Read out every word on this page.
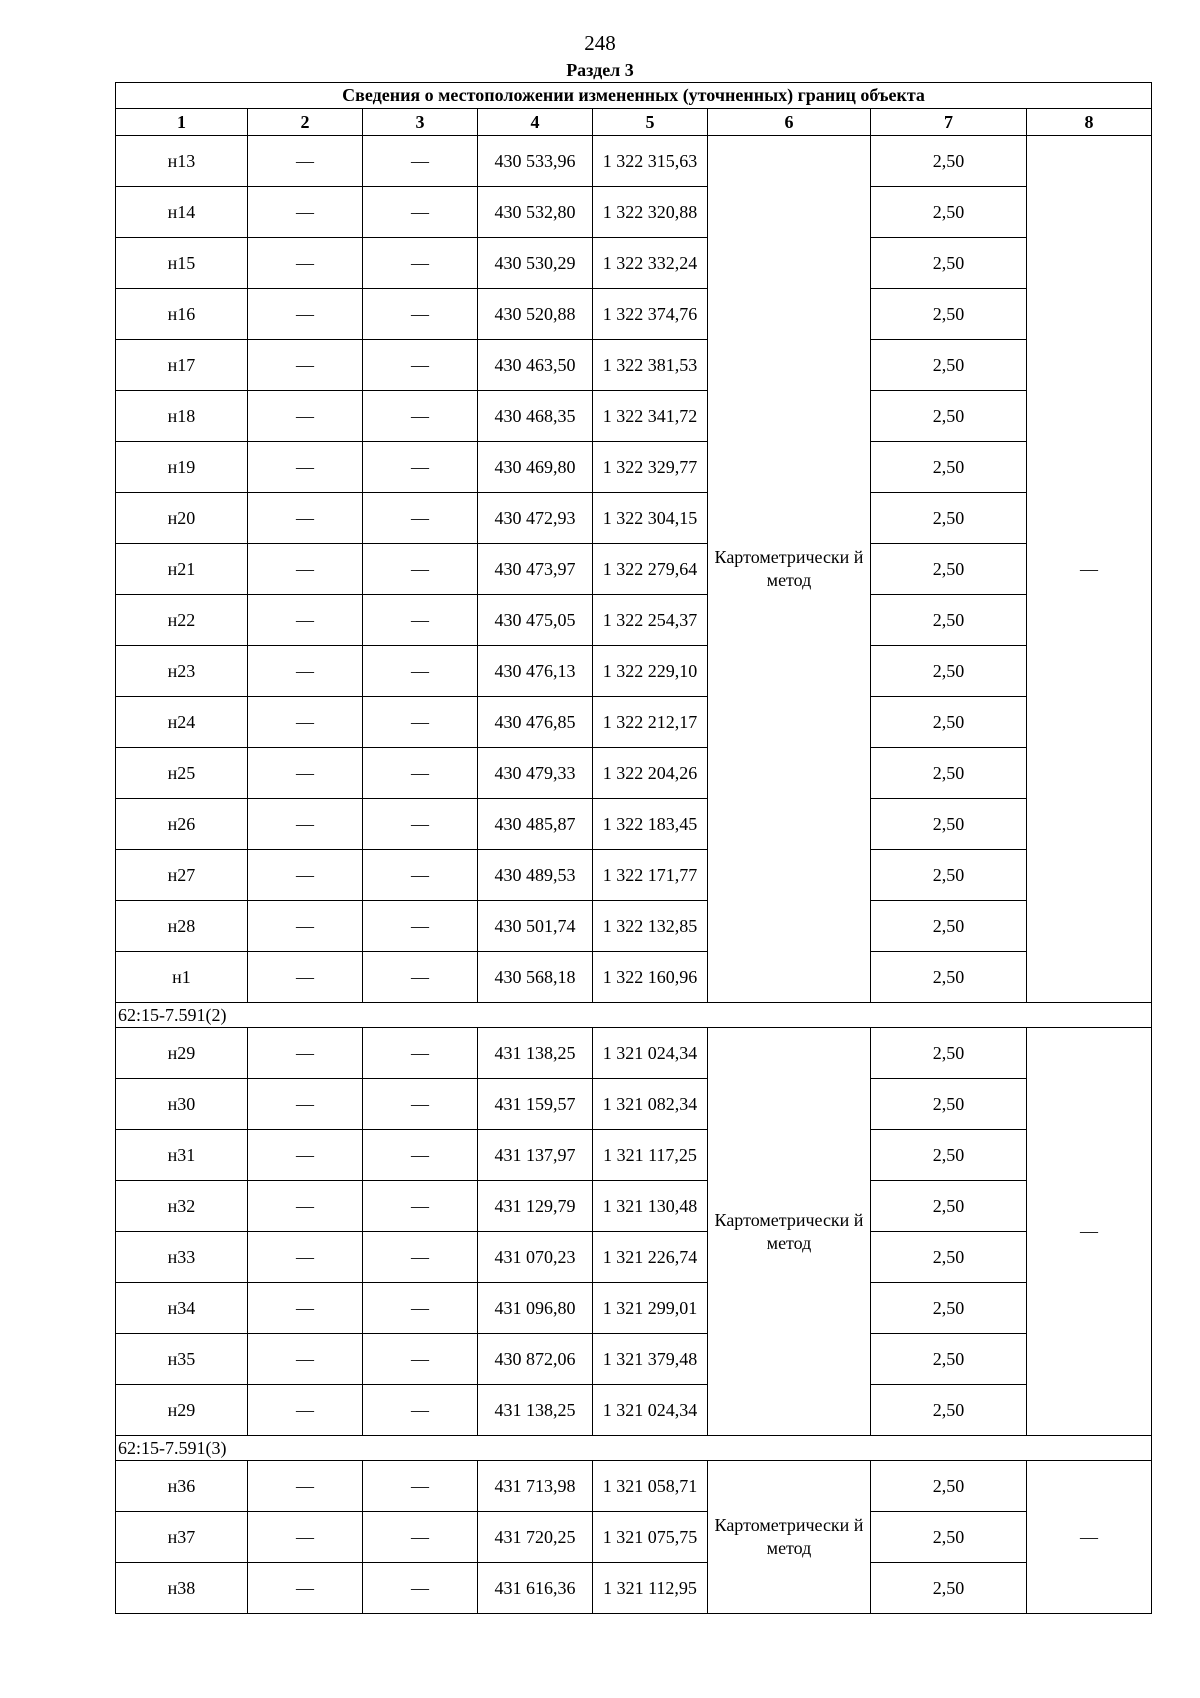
248
Раздел 3
Сведения о местоположении измененных (уточненных) границ объекта							
1	2	3	4	5	6	7	8
н13	—	—	430 533,96	1 322 315,63	Картометрически й метод	2,50	—
н14	—	—	430 532,80	1 322 320,88		2,50	
н15	—	—	430 530,29	1 322 332,24		2,50	
н16	—	—	430 520,88	1 322 374,76		2,50	
н17	—	—	430 463,50	1 322 381,53		2,50	
н18	—	—	430 468,35	1 322 341,72		2,50	
н19	—	—	430 469,80	1 322 329,77		2,50	
н20	—	—	430 472,93	1 322 304,15		2,50	
н21	—	—	430 473,97	1 322 279,64		2,50	
н22	—	—	430 475,05	1 322 254,37		2,50	
н23	—	—	430 476,13	1 322 229,10		2,50	
н24	—	—	430 476,85	1 322 212,17		2,50	
н25	—	—	430 479,33	1 322 204,26		2,50	
н26	—	—	430 485,87	1 322 183,45		2,50	
н27	—	—	430 489,53	1 322 171,77		2,50	
н28	—	—	430 501,74	1 322 132,85		2,50	
н1	—	—	430 568,18	1 322 160,96		2,50	
62:15-7.591(2)							
н29	—	—	431 138,25	1 321 024,34	Картометрически й метод	2,50	—
н30	—	—	431 159,57	1 321 082,34		2,50	
н31	—	—	431 137,97	1 321 117,25		2,50	
н32	—	—	431 129,79	1 321 130,48		2,50	
н33	—	—	431 070,23	1 321 226,74		2,50	
н34	—	—	431 096,80	1 321 299,01		2,50	
н35	—	—	430 872,06	1 321 379,48		2,50	
н29	—	—	431 138,25	1 321 024,34		2,50	
62:15-7.591(3)							
н36	—	—	431 713,98	1 321 058,71	Картометрически й метод	2,50	—
н37	—	—	431 720,25	1 321 075,75		2,50	
н38	—	—	431 616,36	1 321 112,95		2,50	
